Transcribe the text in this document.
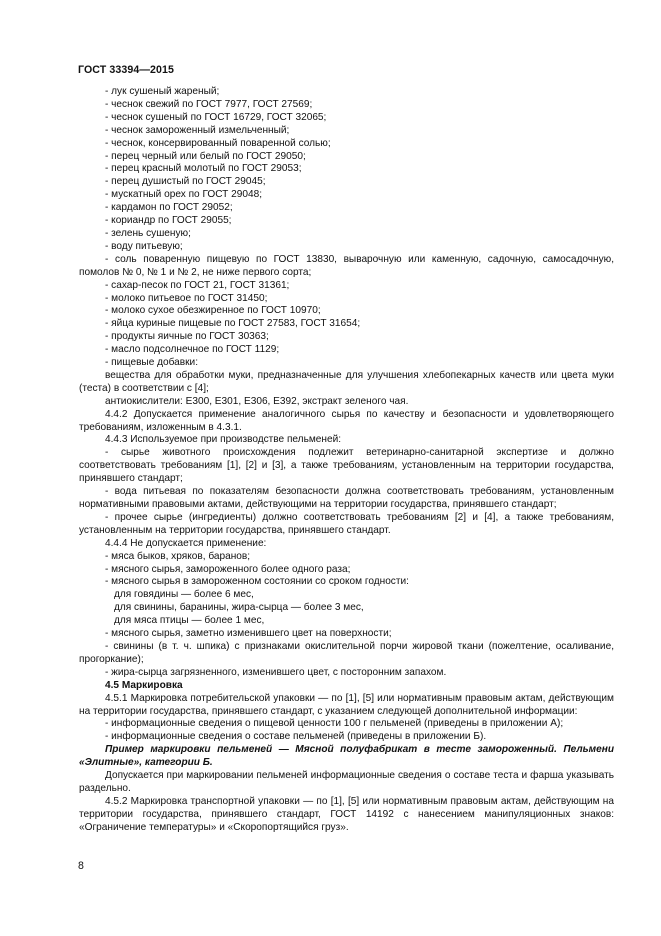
ГОСТ 33394—2015

- лук сушеный жареный;

- чеснок свежий по ГОСТ 7977, ГОСТ 27569;

- чеснок сушеный по ГОСТ 16729, ГОСТ 32065;

- чеснок замороженный измельченный;

- чеснок, консервированный поваренной солью;

- перец черный или белый по ГОСТ 29050;

- перец красный молотый по ГОСТ 29053;

- перец душистый по ГОСТ 29045;

- мускатный орех по ГОСТ 29048;

- кардамон по ГОСТ 29052;

- кориандр по ГОСТ 29055;

- зелень сушеную;

- воду питьевую;

- соль поваренную пищевую по ГОСТ 13830, выварочную или каменную, садочную, самосадочную, помолов № 0, № 1 и № 2, не ниже первого сорта;

- сахар-песок по ГОСТ 21, ГОСТ 31361;

- молоко питьевое по ГОСТ 31450;

- молоко сухое обезжиренное по ГОСТ 10970;

- яйца куриные пищевые по ГОСТ 27583, ГОСТ 31654;

- продукты яичные по ГОСТ 30363;

- масло подсолнечное по ГОСТ 1129;

- пищевые добавки:

вещества для обработки муки, предназначенные для улучшения хлебопекарных качеств или цвета муки (теста) в соответствии с [4];

антиокислители: Е300, Е301, Е306, Е392, экстракт зеленого чая.

4.4.2 Допускается применение аналогичного сырья по качеству и безопасности и удовлетворяющего требованиям, изложенным в 4.3.1.

4.4.3 Используемое при производстве пельменей:

- сырье животного происхождения подлежит ветеринарно-санитарной экспертизе и должно соответствовать требованиям [1], [2] и [3], а также требованиям, установленным на территории государства, принявшего стандарт;

- вода питьевая по показателям безопасности должна соответствовать требованиям, установленным нормативными правовыми актами, действующими на территории государства, принявшего стандарт;

- прочее сырье (ингредиенты) должно соответствовать требованиям [2] и [4], а также требованиям, установленным на территории государства, принявшего стандарт.

4.4.4 Не допускается применение:

- мяса быков, хряков, баранов;

- мясного сырья, замороженного более одного раза;

- мясного сырья в замороженном состоянии со сроком годности:

для говядины — более 6 мес,

для свинины, баранины, жира-сырца — более 3 мес,

для мяса птицы — более 1 мес,

- мясного сырья, заметно изменившего цвет на поверхности;

- свинины (в т. ч. шпика) с признаками окислительной порчи жировой ткани (пожелтение, осаливание, прогоркание);

- жира-сырца загрязненного, изменившего цвет, с посторонним запахом.

4.5 Маркировка

4.5.1 Маркировка потребительской упаковки — по [1], [5] или нормативным правовым актам, действующим на территории государства, принявшего стандарт, с указанием следующей дополнительной информации:

- информационные сведения о пищевой ценности 100 г пельменей (приведены в приложении А);

- информационные сведения о составе пельменей (приведены в приложении Б).

Пример маркировки пельменей — Мясной полуфабрикат в тесте замороженный. Пельмени «Элитные», категории Б.

Допускается при маркировании пельменей информационные сведения о составе теста и фарша указывать раздельно.

4.5.2 Маркировка транспортной упаковки — по [1], [5] или нормативным правовым актам, действующим на территории государства, принявшего стандарт, ГОСТ 14192 с нанесением манипуляционных знаков: «Ограничение температуры» и «Скоропортящийся груз».

8
